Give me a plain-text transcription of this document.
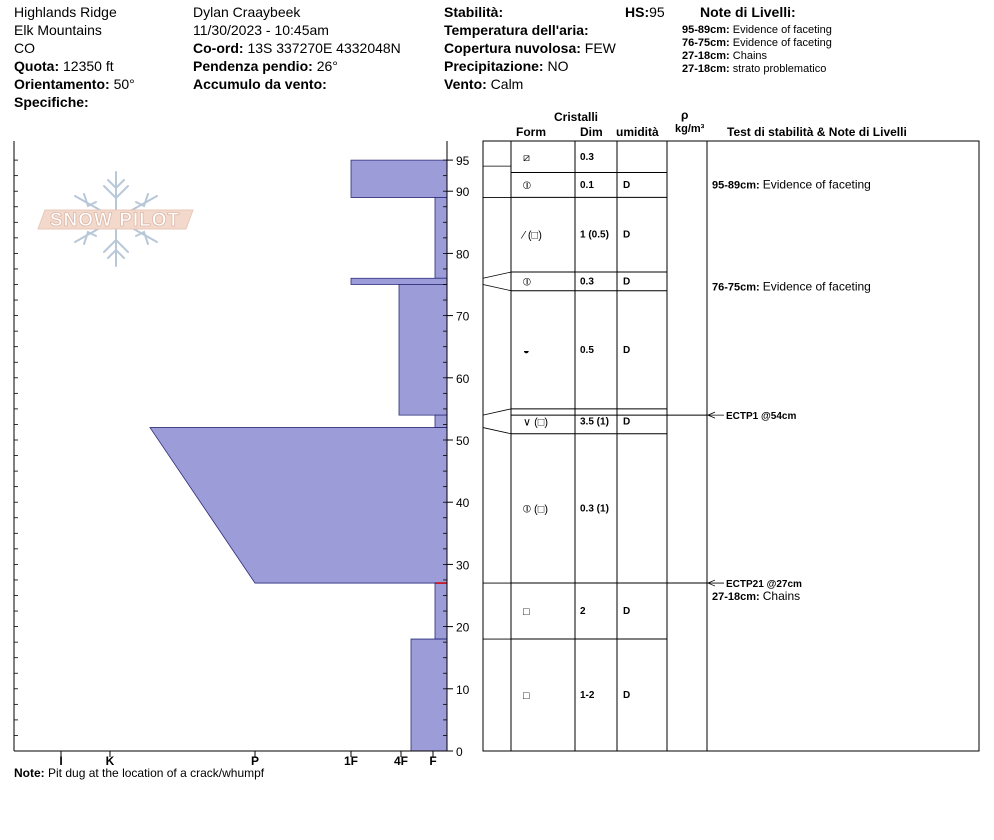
Highlands Ridge
Elk Mountains
CO
Quota: 12350 ft
Orientamento: 50°
Specifiche:
Dylan Craaybeek
11/30/2023 - 10:45am
Co-ord: 13S 337270E 4332048N
Pendenza pendio: 26°
Accumulo da vento:
Stabilità:
Temperatura dell'aria:
Copertura nuvolosa: FEW
Precipitazione: NO
Vento: Calm
HS:95	Note di Livelli:
95-89cm: Evidence of faceting
76-75cm: Evidence of faceting
27-18cm: Chains
27-18cm: strato problematico
Cristalli
Form	Dim umidità
ρ
kg/m³ Test di stabilità & Note di Livelli
SNOW PILOT
0
10
20
30
40
50
60
70
80
90
95
I	K	P	1F	4F F
⧄	0.3
⦶	0.1	D
⁄ (□)	1 (0.5) D
⦶	0.3	D
◒	0.5	D
∨ (□)	3.5 (1) D
⦶ (□)	0.3 (1)
□	2	D
□	1-2	D
ECTP1 @54cm
ECTP21 @27cm
95-89cm: Evidence of faceting
76-75cm: Evidence of faceting
27-18cm: Chains
Note: Pit dug at the location of a crack/whumpf
